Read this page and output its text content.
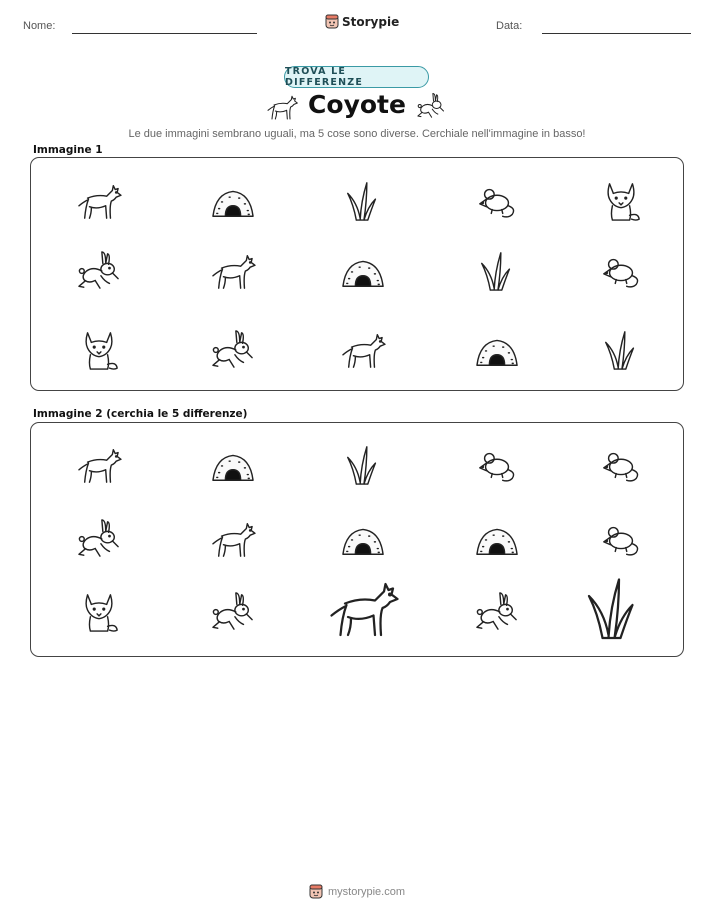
Nome:	Storypie	Data:
TROVA LE DIFFERENZE
Coyote
Le due immagini sembrano uguali, ma 5 cose sono diverse. Cerchiale nell'immagine in basso!
Immagine 1
Immagine 2 (cerchia le 5 differenze)
mystorypie.com
